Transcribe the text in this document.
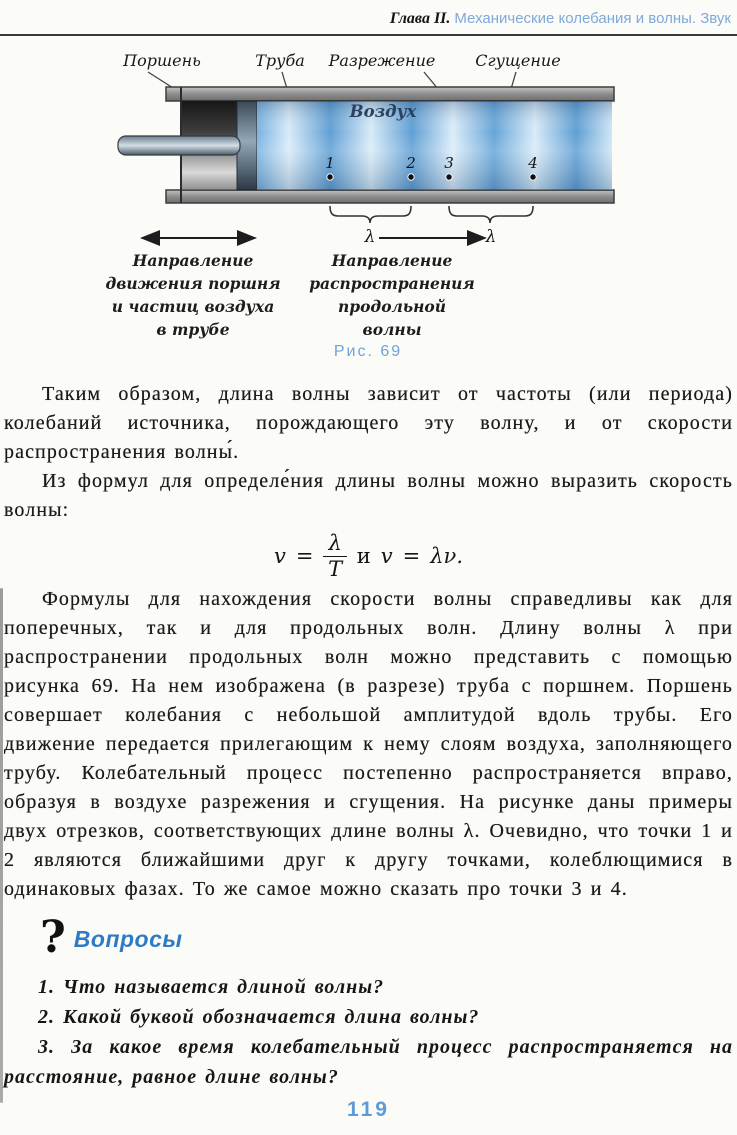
Глава II. Механические колебания и волны. Звук
Поршень	Труба Разрежение Сгущение
Воздух
1	2 3	4
λ	λ
Направление
движения поршня
и частиц воздуха
в трубе
Направление
распространения
продольной
волны
Рис. 69

Таким образом, длина волны зависит от частоты (или периода) колебаний источника, порождающего эту волну, и от скорости распространения волны́.

Из формул для определе́ния длины волны можно выразить скорость волны:

$v = \frac{\lambda}{T}$ и v = λν.

Формулы для нахождения скорости волны справедливы как для поперечных, так и для продольных волн. Длину волны λ при распространении продольных волн можно представить с помощью рисунка 69. На нем изображена (в разрезе) труба с поршнем. Поршень совершает колебания с небольшой амплитудой вдоль трубы. Его движение передается прилегающим к нему слоям воздуха, заполняющего трубу. Колебательный процесс постепенно распространяется вправо, образуя в воздухе разрежения и сгущения. На рисунке даны примеры двух отрезков, соответствующих длине волны λ. Очевидно, что точки 1 и 2 являются ближайшими друг к другу точками, колеблющимися в одинаковых фазах. То же самое можно сказать про точки 3 и 4.

? Вопросы

1. Что называется длиной волны?

2. Какой буквой обозначается длина волны?

3. За какое время колебательный процесс распространяется на расстояние, равное длине волны?

119
